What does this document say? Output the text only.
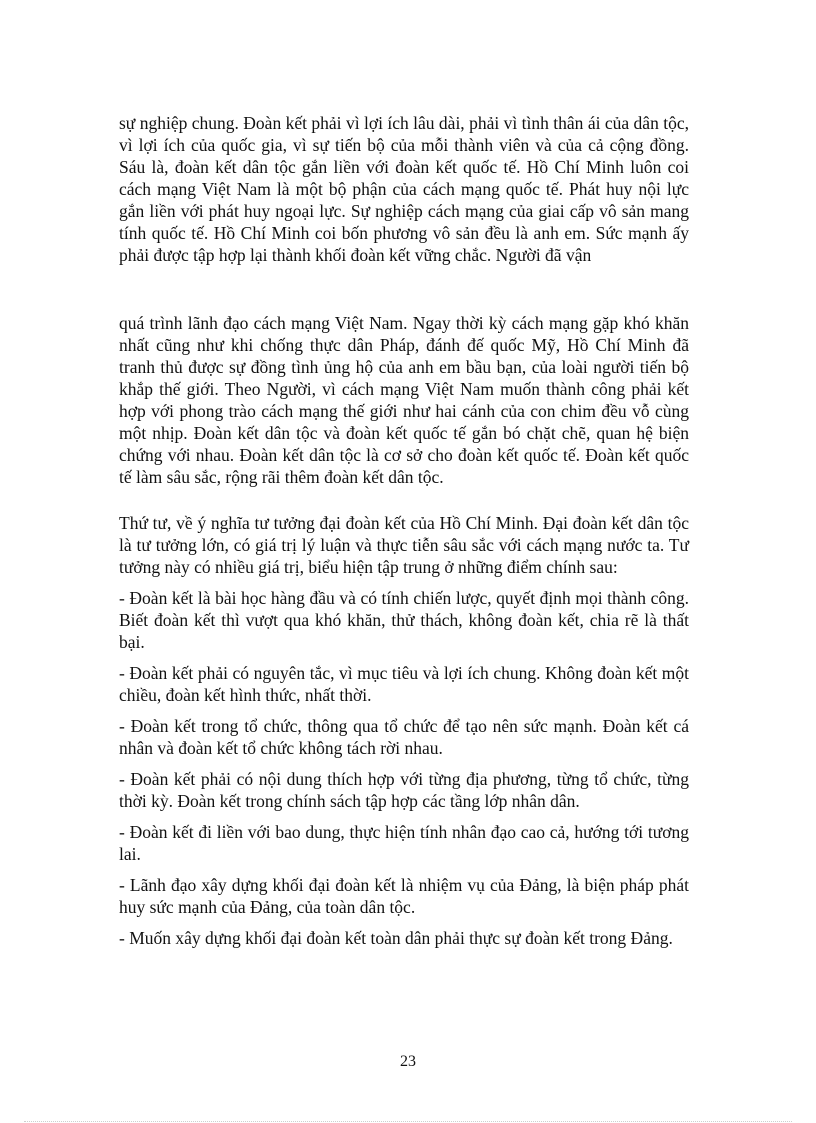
sự nghiệp chung. Đoàn kết phải vì lợi ích lâu dài, phải vì tình thân ái của dân tộc, vì lợi ích của quốc gia, vì sự tiến bộ của mỗi thành viên và của cả cộng đồng. Sáu là, đoàn kết dân tộc gắn liền với đoàn kết quốc tế. Hồ Chí Minh luôn coi cách mạng Việt Nam là một bộ phận của cách mạng quốc tế. Phát huy nội lực gắn liền với phát huy ngoại lực. Sự nghiệp cách mạng của giai cấp vô sản mang tính quốc tế. Hồ Chí Minh coi bốn phương vô sản đều là anh em. Sức mạnh ấy phải được tập hợp lại thành khối đoàn kết vững chắc. Người đã vận

quá trình lãnh đạo cách mạng Việt Nam. Ngay thời kỳ cách mạng gặp khó khăn nhất cũng như khi chống thực dân Pháp, đánh đế quốc Mỹ, Hồ Chí Minh đã tranh thủ được sự đồng tình ủng hộ của anh em bầu bạn, của loài người tiến bộ khắp thế giới. Theo Người, vì cách mạng Việt Nam muốn thành công phải kết hợp với phong trào cách mạng thế giới như hai cánh của con chim đều vỗ cùng một nhịp. Đoàn kết dân tộc và đoàn kết quốc tế gắn bó chặt chẽ, quan hệ biện chứng với nhau. Đoàn kết dân tộc là cơ sở cho đoàn kết quốc tế. Đoàn kết quốc tế làm sâu sắc, rộng rãi thêm đoàn kết dân tộc.

Thứ tư, về ý nghĩa tư tưởng đại đoàn kết của Hồ Chí Minh. Đại đoàn kết dân tộc là tư tưởng lớn, có giá trị lý luận và thực tiễn sâu sắc với cách mạng nước ta. Tư tưởng này có nhiều giá trị, biểu hiện tập trung ở những điểm chính sau:

- Đoàn kết là bài học hàng đầu và có tính chiến lược, quyết định mọi thành công. Biết đoàn kết thì vượt qua khó khăn, thử thách, không đoàn kết, chia rẽ là thất bại.

- Đoàn kết phải có nguyên tắc, vì mục tiêu và lợi ích chung. Không đoàn kết một chiều, đoàn kết hình thức, nhất thời.

- Đoàn kết trong tổ chức, thông qua tổ chức để tạo nên sức mạnh. Đoàn kết cá nhân và đoàn kết tổ chức không tách rời nhau.

- Đoàn kết phải có nội dung thích hợp với từng địa phương, từng tổ chức, từng thời kỳ. Đoàn kết trong chính sách tập hợp các tầng lớp nhân dân.

- Đoàn kết đi liền với bao dung, thực hiện tính nhân đạo cao cả, hướng tới tương lai.

- Lãnh đạo xây dựng khối đại đoàn kết là nhiệm vụ của Đảng, là biện pháp phát huy sức mạnh của Đảng, của toàn dân tộc.

- Muốn xây dựng khối đại đoàn kết toàn dân phải thực sự đoàn kết trong Đảng.

23
